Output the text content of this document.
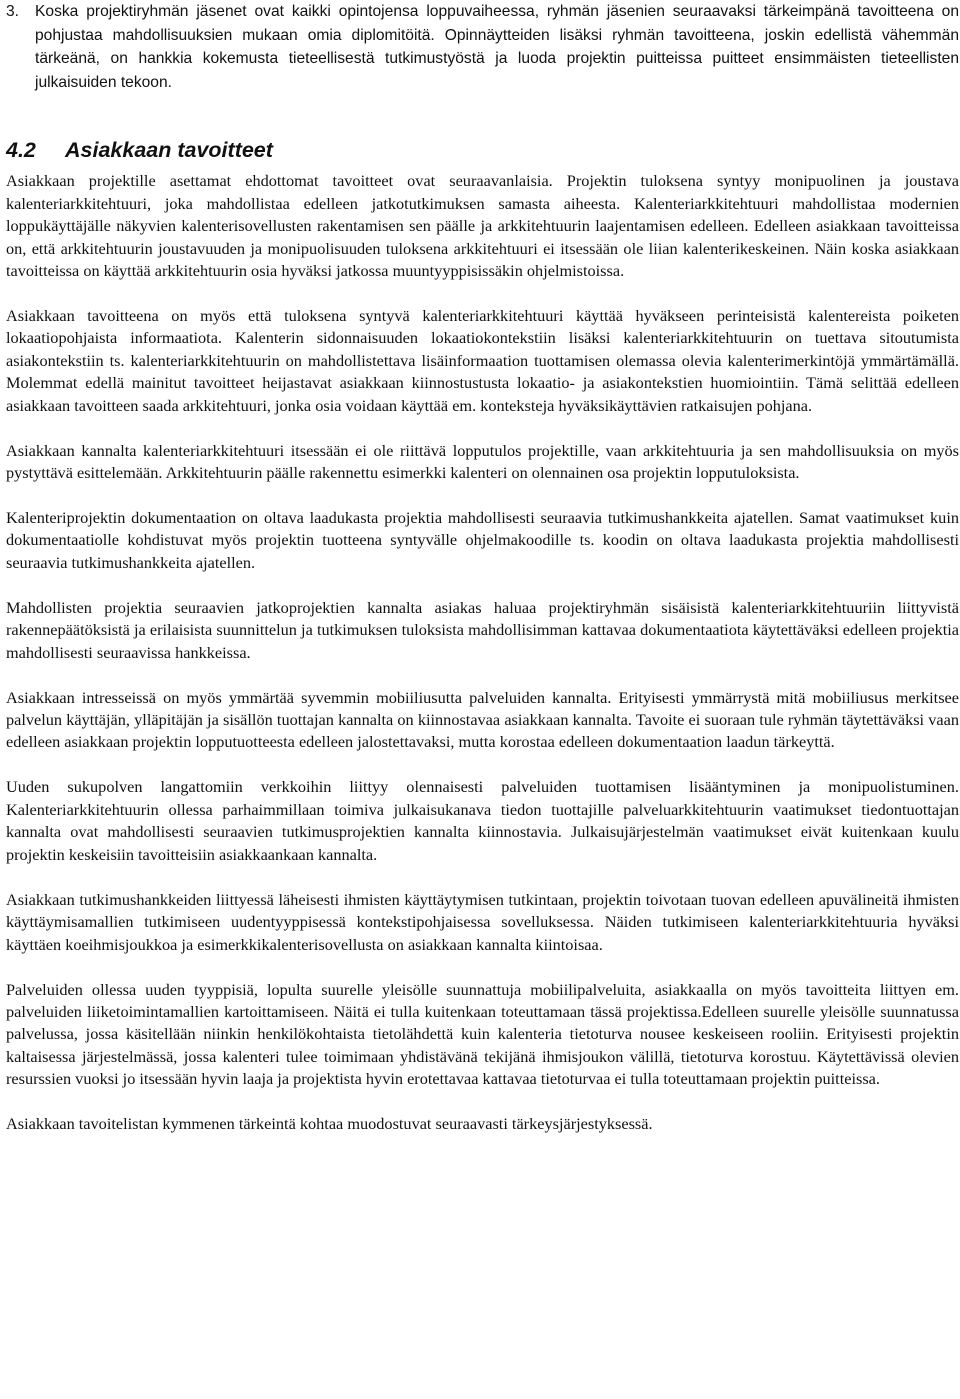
3.	Koska projektiryhmän jäsenet ovat kaikki opintojensa loppuvaiheessa, ryhmän jäsenien seuraavaksi tärkeimpänä tavoitteena on pohjustaa mahdollisuuksien mukaan omia diplomitöitä. Opinnäytteiden lisäksi ryhmän tavoitteena, joskin edellistä vähemmän tärkeänä, on hankkia kokemusta tieteellisestä tutkimustyöstä ja luoda projektin puitteissa puitteet ensimmäisten tieteellisten julkaisuiden tekoon.
4.2	Asiakkaan tavoitteet

Asiakkaan projektille asettamat ehdottomat tavoitteet ovat seuraavanlaisia. Projektin tuloksena syntyy monipuolinen ja joustava kalenteriarkkitehtuuri, joka mahdollistaa edelleen jatkotutkimuksen samasta aiheesta. Kalenteriarkkitehtuuri mahdollistaa modernien loppukäyttäjälle näkyvien kalenterisovellusten rakentamisen sen päälle ja arkkitehtuurin laajentamisen edelleen. Edelleen asiakkaan tavoitteissa on, että arkkitehtuurin joustavuuden ja monipuolisuuden tuloksena arkkitehtuuri ei itsessään ole liian kalenterikeskeinen. Näin koska asiakkaan tavoitteissa on käyttää arkkitehtuurin osia hyväksi jatkossa muuntyyppisissäkin ohjelmistoissa.

Asiakkaan tavoitteena on myös että tuloksena syntyvä kalenteriarkkitehtuuri käyttää hyväkseen perinteisistä kalentereista poiketen lokaatiopohjaista informaatiota. Kalenterin sidonnaisuuden lokaatiokontekstiin lisäksi kalenteriarkkitehtuurin on tuettava sitoutumista asiakontekstiin ts. kalenteriarkkitehtuurin on mahdollistettava lisäinformaation tuottamisen olemassa olevia kalenterimerkintöjä ymmärtämällä. Molemmat edellä mainitut tavoitteet heijastavat asiakkaan kiinnostustusta lokaatio- ja asiakontekstien huomiointiin. Tämä selittää edelleen asiakkaan tavoitteen saada arkkitehtuuri, jonka osia voidaan käyttää em. konteksteja hyväksikäyttävien ratkaisujen pohjana.

Asiakkaan kannalta kalenteriarkkitehtuuri itsessään ei ole riittävä lopputulos projektille, vaan arkkitehtuuria ja sen mahdollisuuksia on myös pystyttävä esittelemään. Arkkitehtuurin päälle rakennettu esimerkki kalenteri on olennainen osa projektin lopputuloksista.

Kalenteriprojektin dokumentaation on oltava laadukasta projektia mahdollisesti seuraavia tutkimushankkeita ajatellen. Samat vaatimukset kuin dokumentaatiolle kohdistuvat myös projektin tuotteena syntyvälle ohjelmakoodille ts. koodin on oltava laadukasta projektia mahdollisesti seuraavia tutkimushankkeita ajatellen.

Mahdollisten projektia seuraavien jatkoprojektien kannalta asiakas haluaa projektiryhmän sisäisistä kalenteriarkkitehtuuriin liittyvistä rakennepäätöksistä ja erilaisista suunnittelun ja tutkimuksen tuloksista mahdollisimman kattavaa dokumentaatiota käytettäväksi edelleen projektia mahdollisesti seuraavissa hankkeissa.

Asiakkaan intresseissä on myös ymmärtää syvemmin mobiiliusutta palveluiden kannalta. Erityisesti ymmärrystä mitä mobiiliusus merkitsee palvelun käyttäjän, ylläpitäjän ja sisällön tuottajan kannalta on kiinnostavaa asiakkaan kannalta. Tavoite ei suoraan tule ryhmän täytettäväksi vaan edelleen asiakkaan projektin lopputuotteesta edelleen jalostettavaksi, mutta korostaa edelleen dokumentaation laadun tärkeyttä.

Uuden sukupolven langattomiin verkkoihin liittyy olennaisesti palveluiden tuottamisen lisääntyminen ja monipuolistuminen. Kalenteriarkkitehtuurin ollessa parhaimmillaan toimiva julkaisukanava tiedon tuottajille palveluarkkitehtuurin vaatimukset tiedontuottajan kannalta ovat mahdollisesti seuraavien tutkimusprojektien kannalta kiinnostavia. Julkaisujärjestelmän vaatimukset eivät kuitenkaan kuulu projektin keskeisiin tavoitteisiin asiakkaankaan kannalta.

Asiakkaan tutkimushankkeiden liittyessä läheisesti ihmisten käyttäytymisen tutkintaan, projektin toivotaan tuovan edelleen apuvälineitä ihmisten käyttäymisamallien tutkimiseen uudentyyppisessä kontekstipohjaisessa sovelluksessa. Näiden tutkimiseen kalenteriarkkitehtuuria hyväksi käyttäen koeihmisjoukkoa ja esimerkkikalenterisovellusta on asiakkaan kannalta kiintoisaa.

Palveluiden ollessa uuden tyyppisiä, lopulta suurelle yleisölle suunnattuja mobiilipalveluita, asiakkaalla on myös tavoitteita liittyen em. palveluiden liiketoimintamallien kartoittamiseen. Näitä ei tulla kuitenkaan toteuttamaan tässä projektissa.Edelleen suurelle yleisölle suunnatussa palvelussa, jossa käsitellään niinkin henkilökohtaista tietolähdettä kuin kalenteria tietoturva nousee keskeiseen rooliin. Erityisesti projektin kaltaisessa järjestelmässä, jossa kalenteri tulee toimimaan yhdistävänä tekijänä ihmisjoukon välillä, tietoturva korostuu. Käytettävissä olevien resurssien vuoksi jo itsessään hyvin laaja ja projektista hyvin erotettavaa kattavaa tietoturvaa ei tulla toteuttamaan projektin puitteissa.

Asiakkaan tavoitelistan kymmenen tärkeintä kohtaa muodostuvat seuraavasti tärkeysjärjestyksessä.
